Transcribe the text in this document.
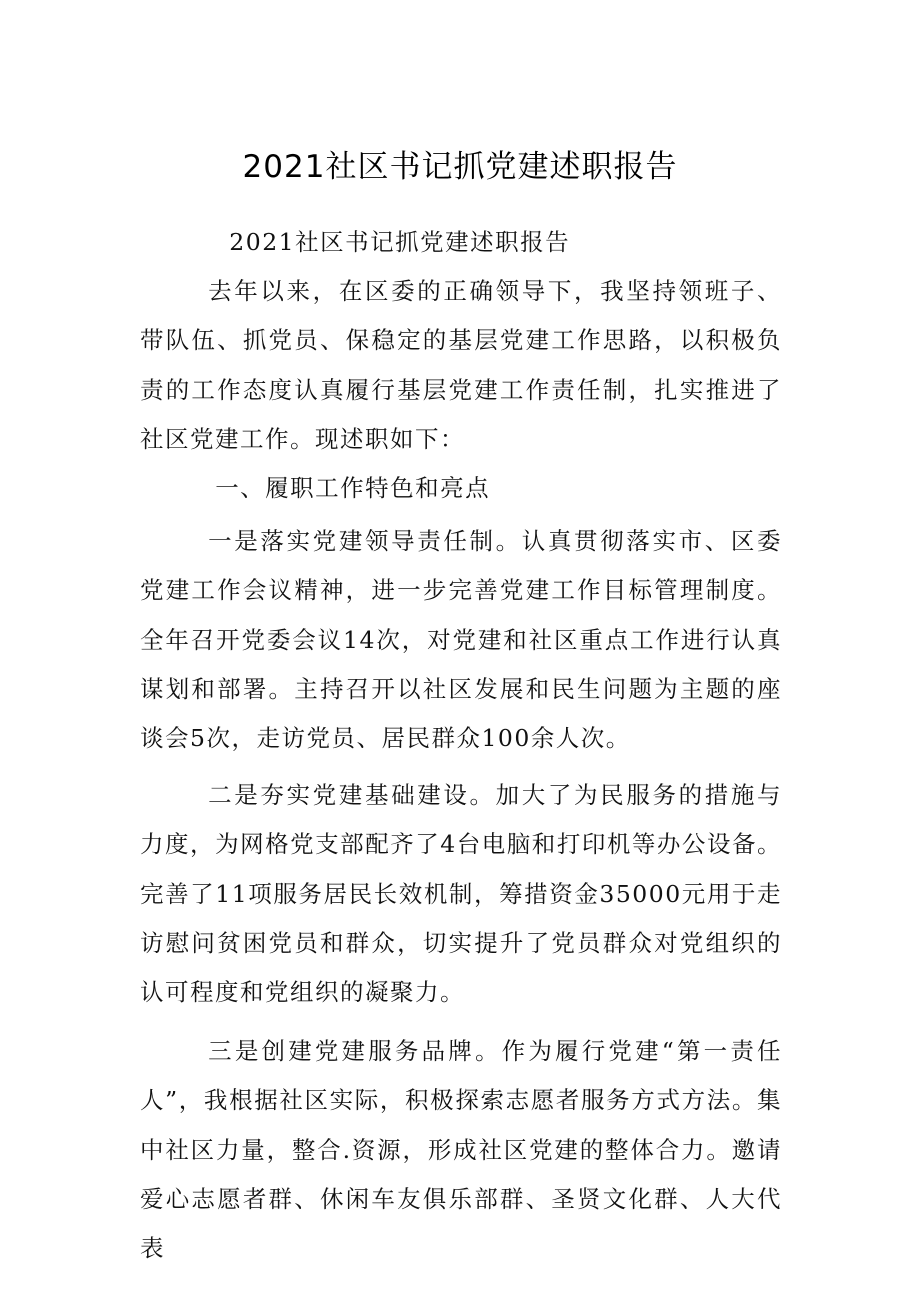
2021社区书记抓党建述职报告

2021社区书记抓党建述职报告

去年以来，在区委的正确领导下，我坚持领班子、带队伍、抓党员、保稳定的基层党建工作思路，以积极负责的工作态度认真履行基层党建工作责任制，扎实推进了社区党建工作。现述职如下：

一、履职工作特色和亮点

一是落实党建领导责任制。认真贯彻落实市、区委党建工作会议精神，进一步完善党建工作目标管理制度。全年召开党委会议14次，对党建和社区重点工作进行认真谋划和部署。主持召开以社区发展和民生问题为主题的座谈会5次，走访党员、居民群众100余人次。

二是夯实党建基础建设。加大了为民服务的措施与力度，为网格党支部配齐了4台电脑和打印机等办公设备。完善了11项服务居民长效机制，筹措资金35000元用于走访慰问贫困党员和群众，切实提升了党员群众对党组织的认可程度和党组织的凝聚力。

三是创建党建服务品牌。作为履行党建“第一责任人”，我根据社区实际，积极探索志愿者服务方式方法。集中社区力量，整合.资源，形成社区党建的整体合力。邀请爱心志愿者群、休闲车友俱乐部群、圣贤文化群、人大代表
